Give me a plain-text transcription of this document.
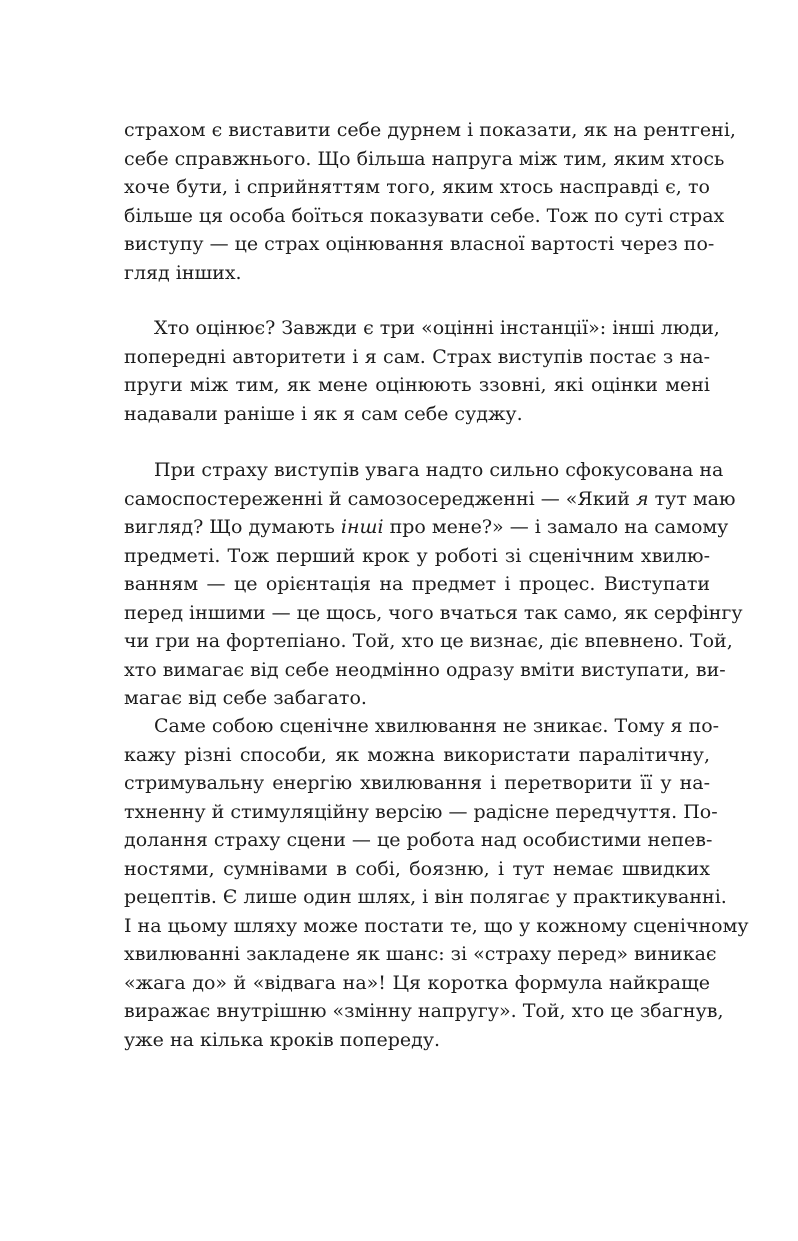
страхом є виставити себе дурнем і показати, як на рентгені,
себе справжнього. Що більша напруга між тим, яким хтось
хоче бути, і сприйняттям того, яким хтось насправді є, то
більше ця особа боїться показувати себе. Тож по суті страх
виступу — це страх оцінювання власної вартості через по-
гляд інших.
Хто оцінює? Завжди є три «оцінні інстанції»: інші люди,
попередні авторитети і я сам. Страх виступів постає з на-
пруги між тим, як мене оцінюють ззовні, які оцінки мені
надавали раніше і як я сам себе суджу.
При страху виступів увага надто сильно сфокусована на
самоспостереженні й самозосередженні — «Який я тут маю
вигляд? Що думають інші про мене?» — і замало на самому
предметі. Тож перший крок у роботі зі сценічним хвилю-
ванням — це орієнтація на предмет і процес. Виступати
перед іншими — це щось, чого вчаться так само, як серфінгу
чи гри на фортепіано. Той, хто це визнає, діє впевнено. Той,
хто вимагає від себе неодмінно одразу вміти виступати, ви-
магає від себе забагато.
Саме собою сценічне хвилювання не зникає. Тому я по-
кажу різні способи, як можна використати паралітичну,
стримувальну енергію хвилювання і перетворити її у на-
тхненну й стимуляційну версію — радісне передчуття. По-
долання страху сцени — це робота над особистими непев-
ностями, сумнівами в собі, боязню, і тут немає швидких
рецептів. Є лише один шлях, і він полягає у практикуванні.
І на цьому шляху може постати те, що у кожному сценічному
хвилюванні закладене як шанс: зі «страху перед» виникає
«жага до» й «відвага на»! Ця коротка формула найкраще
виражає внутрішню «змінну напругу». Той, хто це збагнув,
уже на кілька кроків попереду.
